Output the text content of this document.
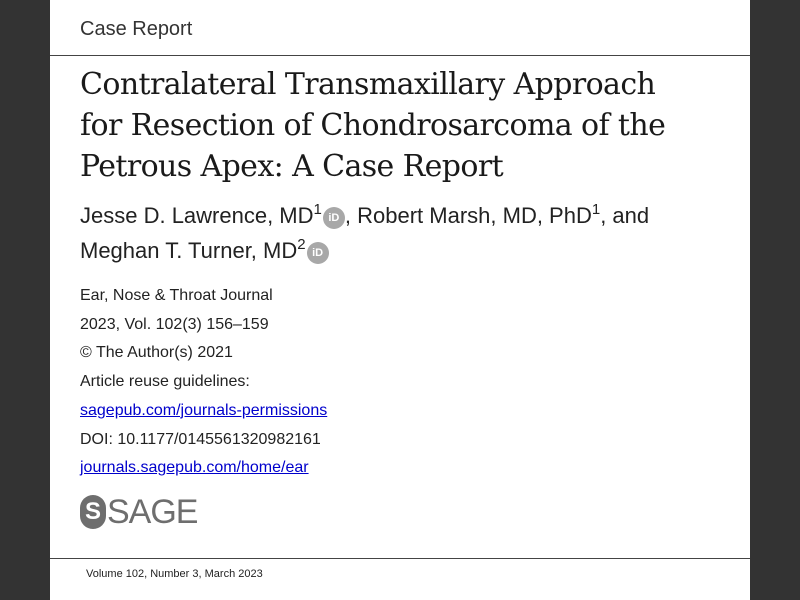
Case Report
Contralateral Transmaxillary Approach
for Resection of Chondrosarcoma of the
Petrous Apex: A Case Report
Jesse D. Lawrence, $MD^1$ iD , Robert Marsh, MD, PhD$^1$, and
Meghan T. Turner, $MD^2$ iD
Ear, Nose & Throat Journal
2023, Vol. 102(3) 156–159
© The Author(s) 2021
Article reuse guidelines:
sagepub.com/journals-permissions
DOI: 10.1177/0145561320982161
journals.sagepub.com/home/ear
S SAGE
Volume 102, Number 3, March 2023
